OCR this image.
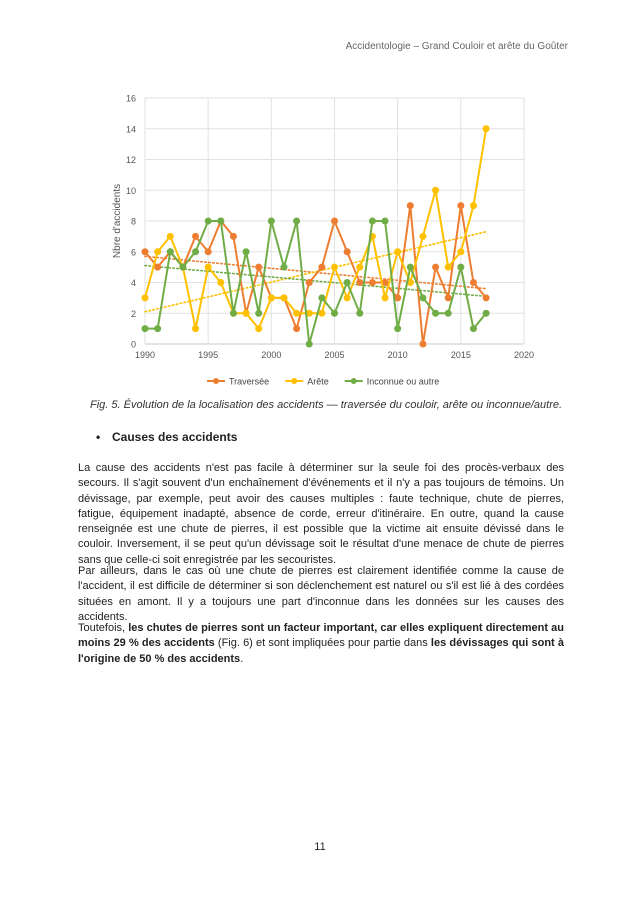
Accidentologie – Grand Couloir et arête du Goûter
0
2
4
6
8
10
12
14
16
1990	1995	2000	2005	2010	2015	2020
Nbre d'accidents
Traversée	Arête	Inconnue ou autre
Fig. 5. Évolution de la localisation des accidents — traversée du couloir, arête ou inconnue/autre.
• Causes des accidents

La cause des accidents n'est pas facile à déterminer sur la seule foi des procès-verbaux des secours. Il s'agit souvent d'un enchaînement d'événements et il n'y a pas toujours de témoins. Un dévissage, par exemple, peut avoir des causes multiples : faute technique, chute de pierres, fatigue, équipement inadapté, absence de corde, erreur d'itinéraire. En outre, quand la cause renseignée est une chute de pierres, il est possible que la victime ait ensuite dévissé dans le couloir. Inversement, il se peut qu'un dévissage soit le résultat d'une menace de chute de pierres sans que celle-ci soit enregistrée par les secouristes.

Par ailleurs, dans le cas où une chute de pierres est clairement identifiée comme la cause de l'accident, il est difficile de déterminer si son déclenchement est naturel ou s'il est lié à des cordées situées en amont. Il y a toujours une part d'inconnue dans les données sur les causes des accidents.

Toutefois, les chutes de pierres sont un facteur important, car elles expliquent directement au moins 29 % des accidents (Fig. 6) et sont impliquées pour partie dans les dévissages qui sont à l'origine de 50 % des accidents.

11
